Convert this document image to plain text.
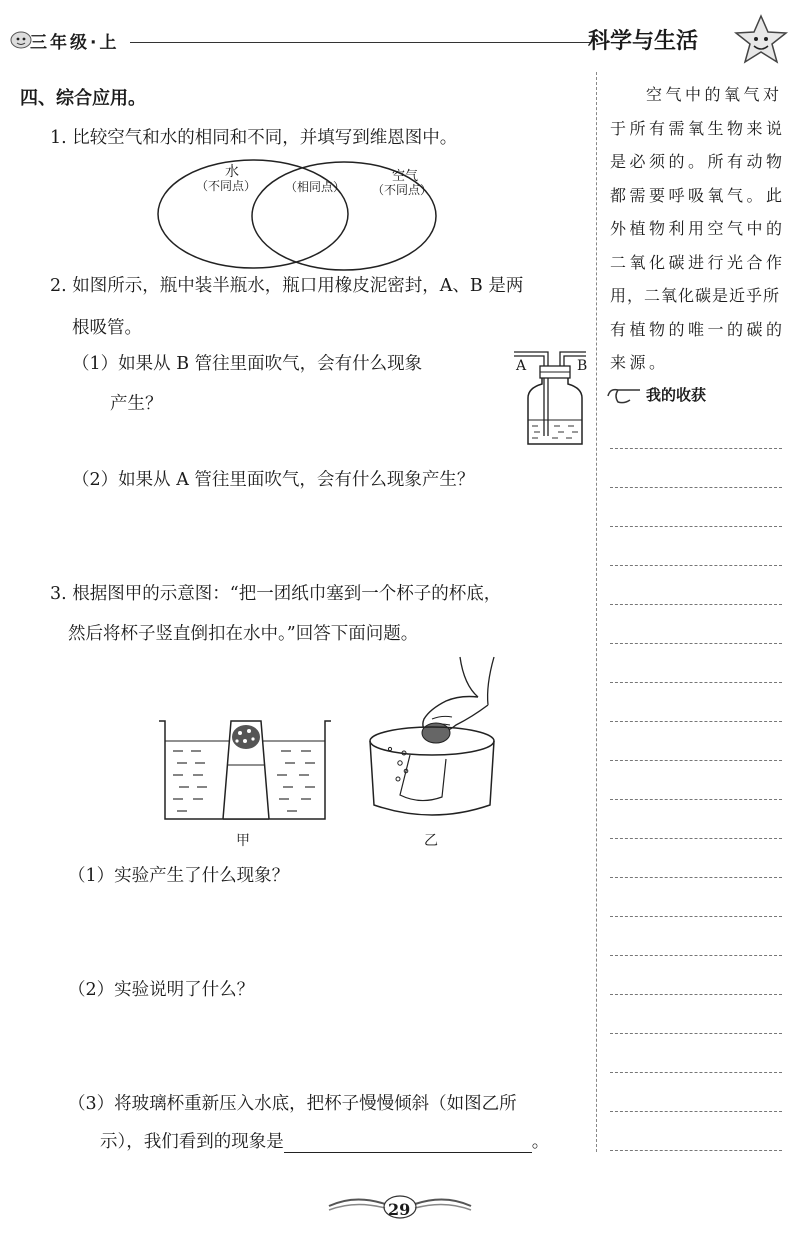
三年级·上	科学与生活
空气中的氧气对
于所有需氧生物来说
是必须的。所有动物
都需要呼吸氧气。此
外植物利用空气中的
二氧化碳进行光合作
用，二氧化碳是近乎所
有植物的唯一的碳的
来源。
我的收获
四、综合应用。
1. 比较空气和水的相同和不同，并填写到维恩图中。
水
（不同点） （相同点）
空气
（不同点）
2. 如图所示，瓶中装半瓶水，瓶口用橡皮泥密封，A、B 是两
根吸管。
（1）如果从 B 管往里面吹气，会有什么现象
产生？
（2）如果从 A 管往里面吹气，会有什么现象产生？
A	B
3. 根据图甲的示意图：“把一团纸巾塞到一个杯子的杯底，
然后将杯子竖直倒扣在水中。”回答下面问题。
甲	乙
（1）实验产生了什么现象？
（2）实验说明了什么？
（3）将玻璃杯重新压入水底，把杯子慢慢倾斜（如图乙所
示），我们看到的现象是	。
29
